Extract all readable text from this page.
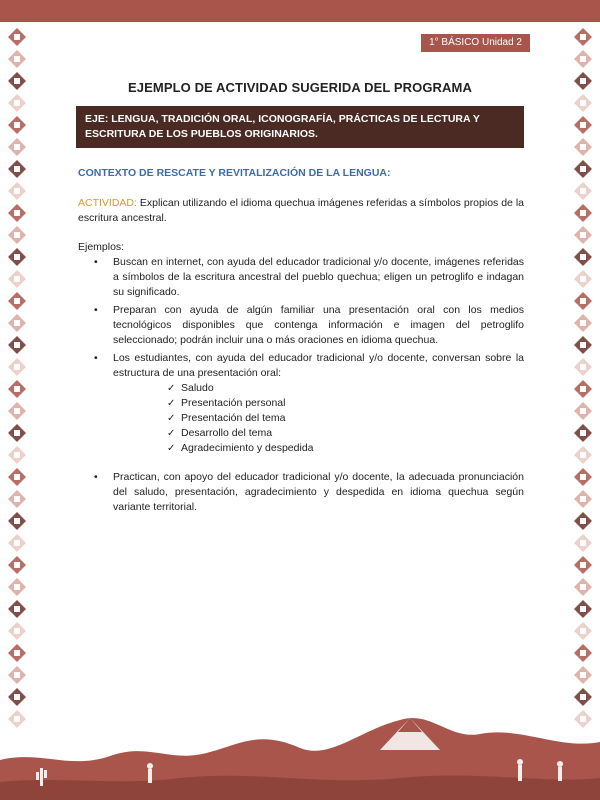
1° BÁSICO Unidad 2
EJEMPLO DE ACTIVIDAD SUGERIDA DEL PROGRAMA
EJE: LENGUA, TRADICIÓN ORAL, ICONOGRAFÍA, PRÁCTICAS DE LECTURA Y ESCRITURA DE LOS PUEBLOS ORIGINARIOS.
CONTEXTO DE RESCATE Y REVITALIZACIÓN DE LA LENGUA:
ACTIVIDAD: Explican utilizando el idioma quechua imágenes referidas a símbolos propios de la escritura ancestral.
Ejemplos:
• Buscan en internet, con ayuda del educador tradicional y/o docente, imágenes referidas a símbolos de la escritura ancestral del pueblo quechua; eligen un petroglifo e indagan su significado.
• Preparan con ayuda de algún familiar una presentación oral con los medios tecnológicos disponibles que contenga información e imagen del petroglifo seleccionado; podrán incluir una o más oraciones en idioma quechua.
• Los estudiantes, con ayuda del educador tradicional y/o docente, conversan sobre la estructura de una presentación oral:
✓ Saludo
✓ Presentación personal
✓ Presentación del tema
✓ Desarrollo del tema
✓ Agradecimiento y despedida
• Practican, con apoyo del educador tradicional y/o docente, la adecuada pronunciación del saludo, presentación, agradecimiento y despedida en idioma quechua según variante territorial.
